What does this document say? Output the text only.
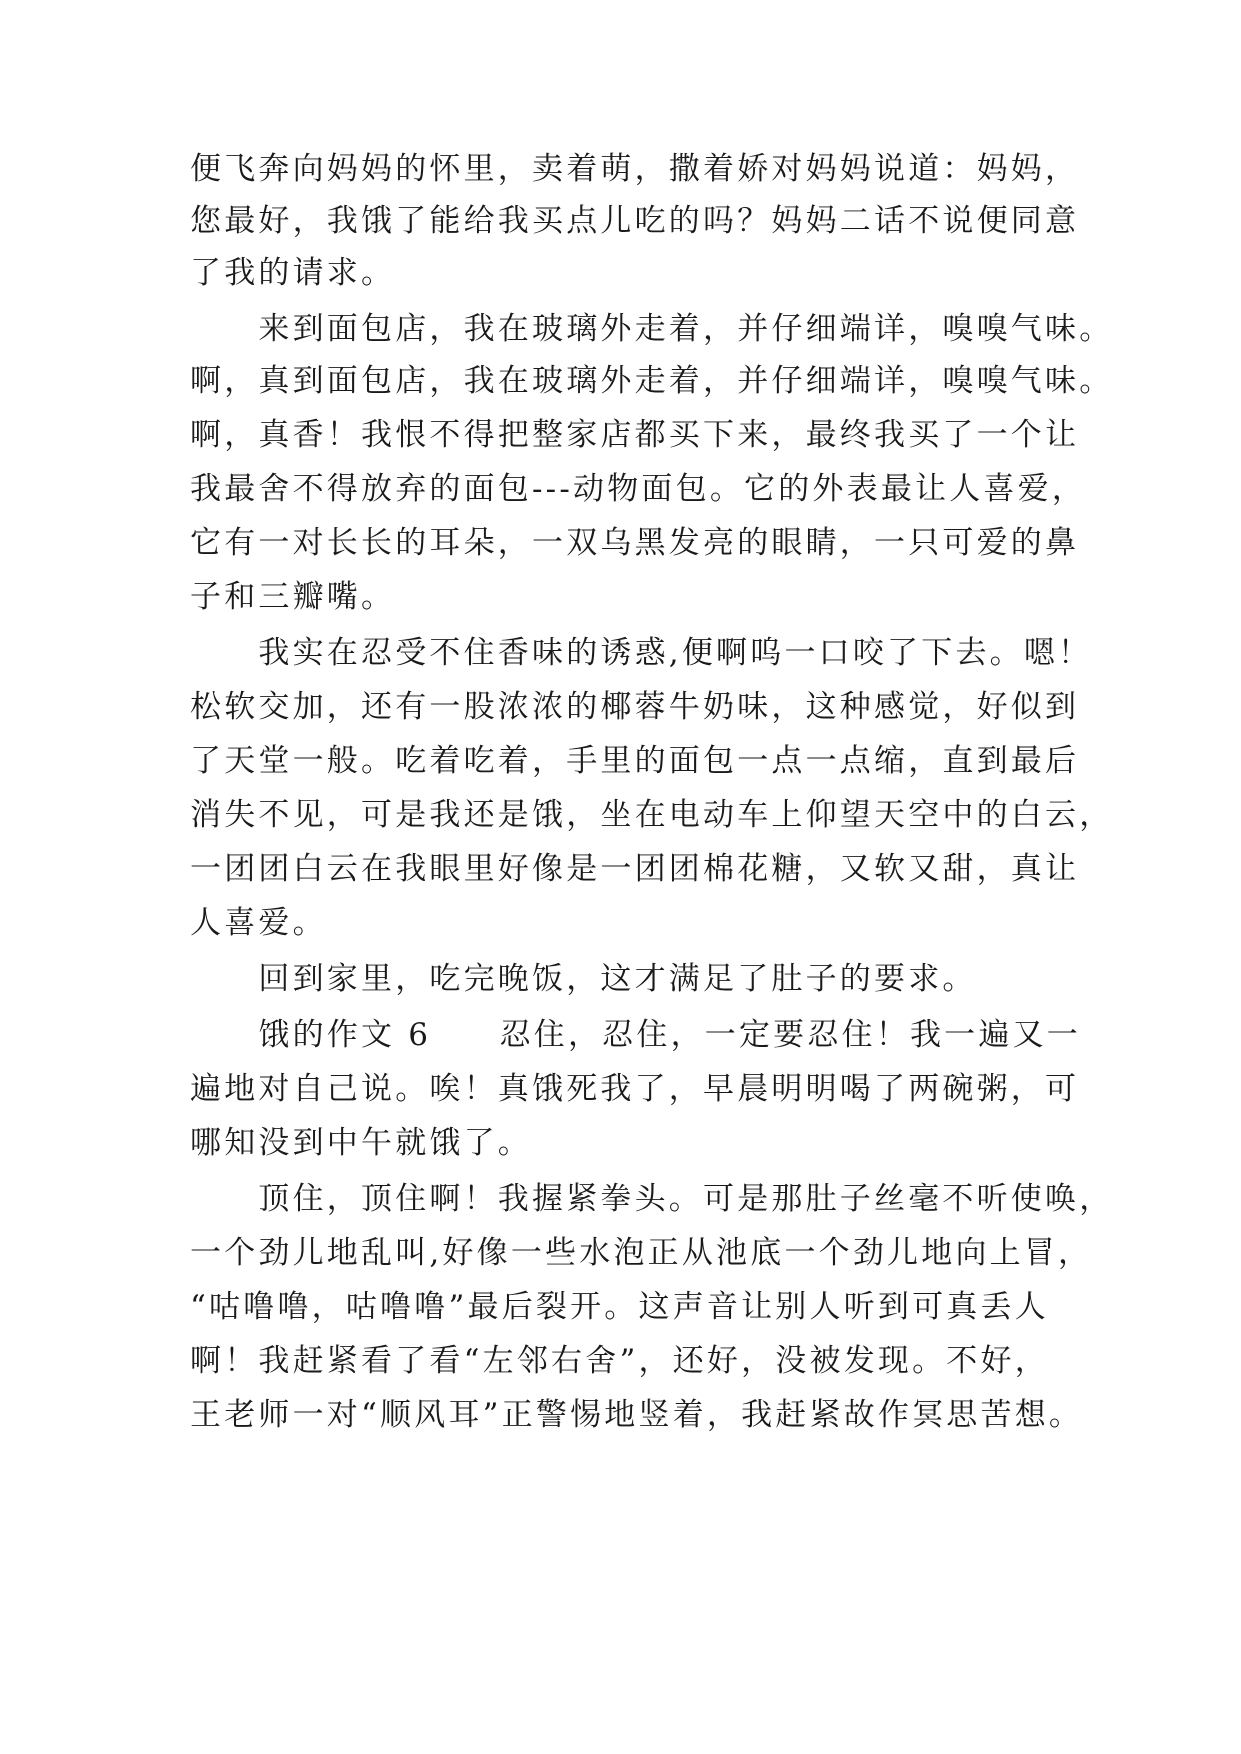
便飞奔向妈妈的怀里，卖着萌，撒着娇对妈妈说道：妈妈，
您最好，我饿了能给我买点儿吃的吗？妈妈二话不说便同意
了我的请求。
　　来到面包店，我在玻璃外走着，并仔细端详，嗅嗅气味。
啊，真到面包店，我在玻璃外走着，并仔细端详，嗅嗅气味。
啊，真香！我恨不得把整家店都买下来，最终我买了一个让
我最舍不得放弃的面包---动物面包。它的外表最让人喜爱，
它有一对长长的耳朵，一双乌黑发亮的眼睛，一只可爱的鼻
子和三瓣嘴。
　　我实在忍受不住香味的诱惑,便啊呜一口咬了下去。嗯！
松软交加，还有一股浓浓的椰蓉牛奶味，这种感觉，好似到
了天堂一般。吃着吃着，手里的面包一点一点缩，直到最后
消失不见，可是我还是饿，坐在电动车上仰望天空中的白云，
一团团白云在我眼里好像是一团团棉花糖，又软又甜，真让
人喜爱。
　　回到家里，吃完晚饭，这才满足了肚子的要求。
　　饿的作文 6　　忍住，忍住，一定要忍住！我一遍又一
遍地对自己说。唉！真饿死我了，早晨明明喝了两碗粥，可
哪知没到中午就饿了。
　　顶住，顶住啊！我握紧拳头。可是那肚子丝毫不听使唤，
一个劲儿地乱叫,好像一些水泡正从池底一个劲儿地向上冒，
“咕噜噜，咕噜噜”最后裂开。这声音让别人听到可真丢人
啊！我赶紧看了看“左邻右舍”，还好，没被发现。不好，
王老师一对“顺风耳”正警惕地竖着，我赶紧故作冥思苦想。
